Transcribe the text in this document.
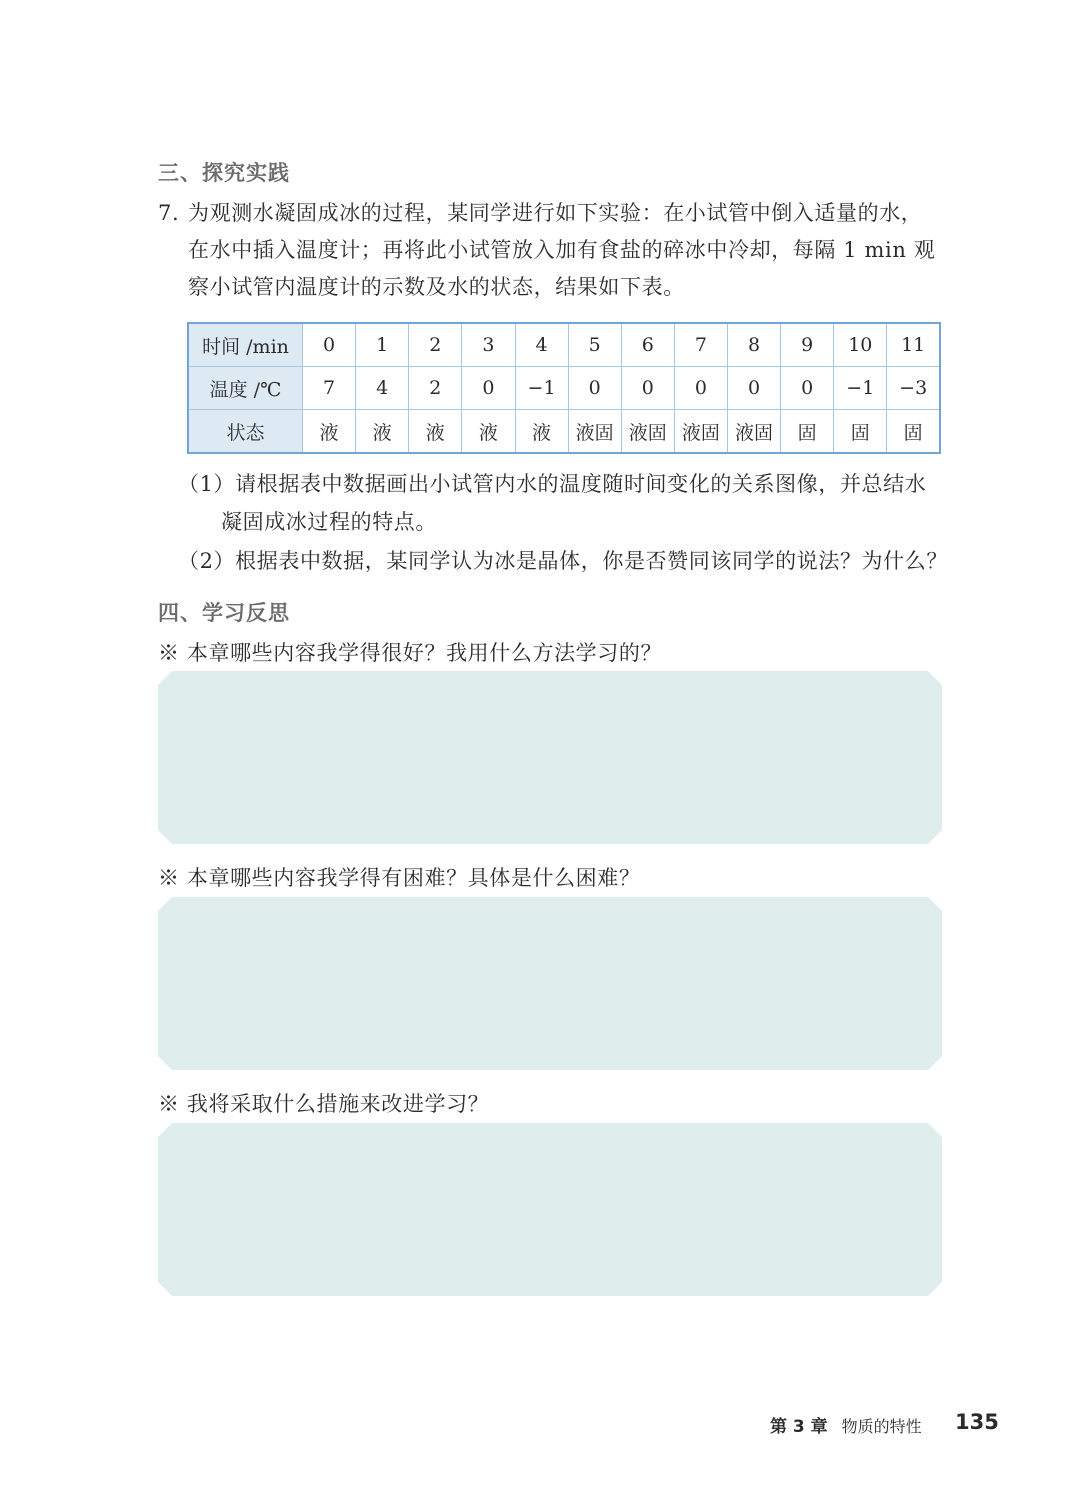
三、探究实践
7. 为观测水凝固成冰的过程，某同学进行如下实验：在小试管中倒入适量的水，
在水中插入温度计；再将此小试管放入加有食盐的碎冰中冷却，每隔 1 min 观
察小试管内温度计的示数及水的状态，结果如下表。
时间 /min	0	1	2	3	4	5	6	7	8	9	10	11
温度 /℃	7	4	2	0	−1	0	0	0	0	0	−1	−3
状态	液	液	液	液	液	液固	液固	液固	液固	固	固	固
（1）请根据表中数据画出小试管内水的温度随时间变化的关系图像，并总结水
凝固成冰过程的特点。
（2）根据表中数据，某同学认为冰是晶体，你是否赞同该同学的说法？为什么？
四、学习反思
※ 本章哪些内容我学得很好？我用什么方法学习的？
※ 本章哪些内容我学得有困难？具体是什么困难？
※ 我将采取什么措施来改进学习？
第 3 章 物质的特性 135
